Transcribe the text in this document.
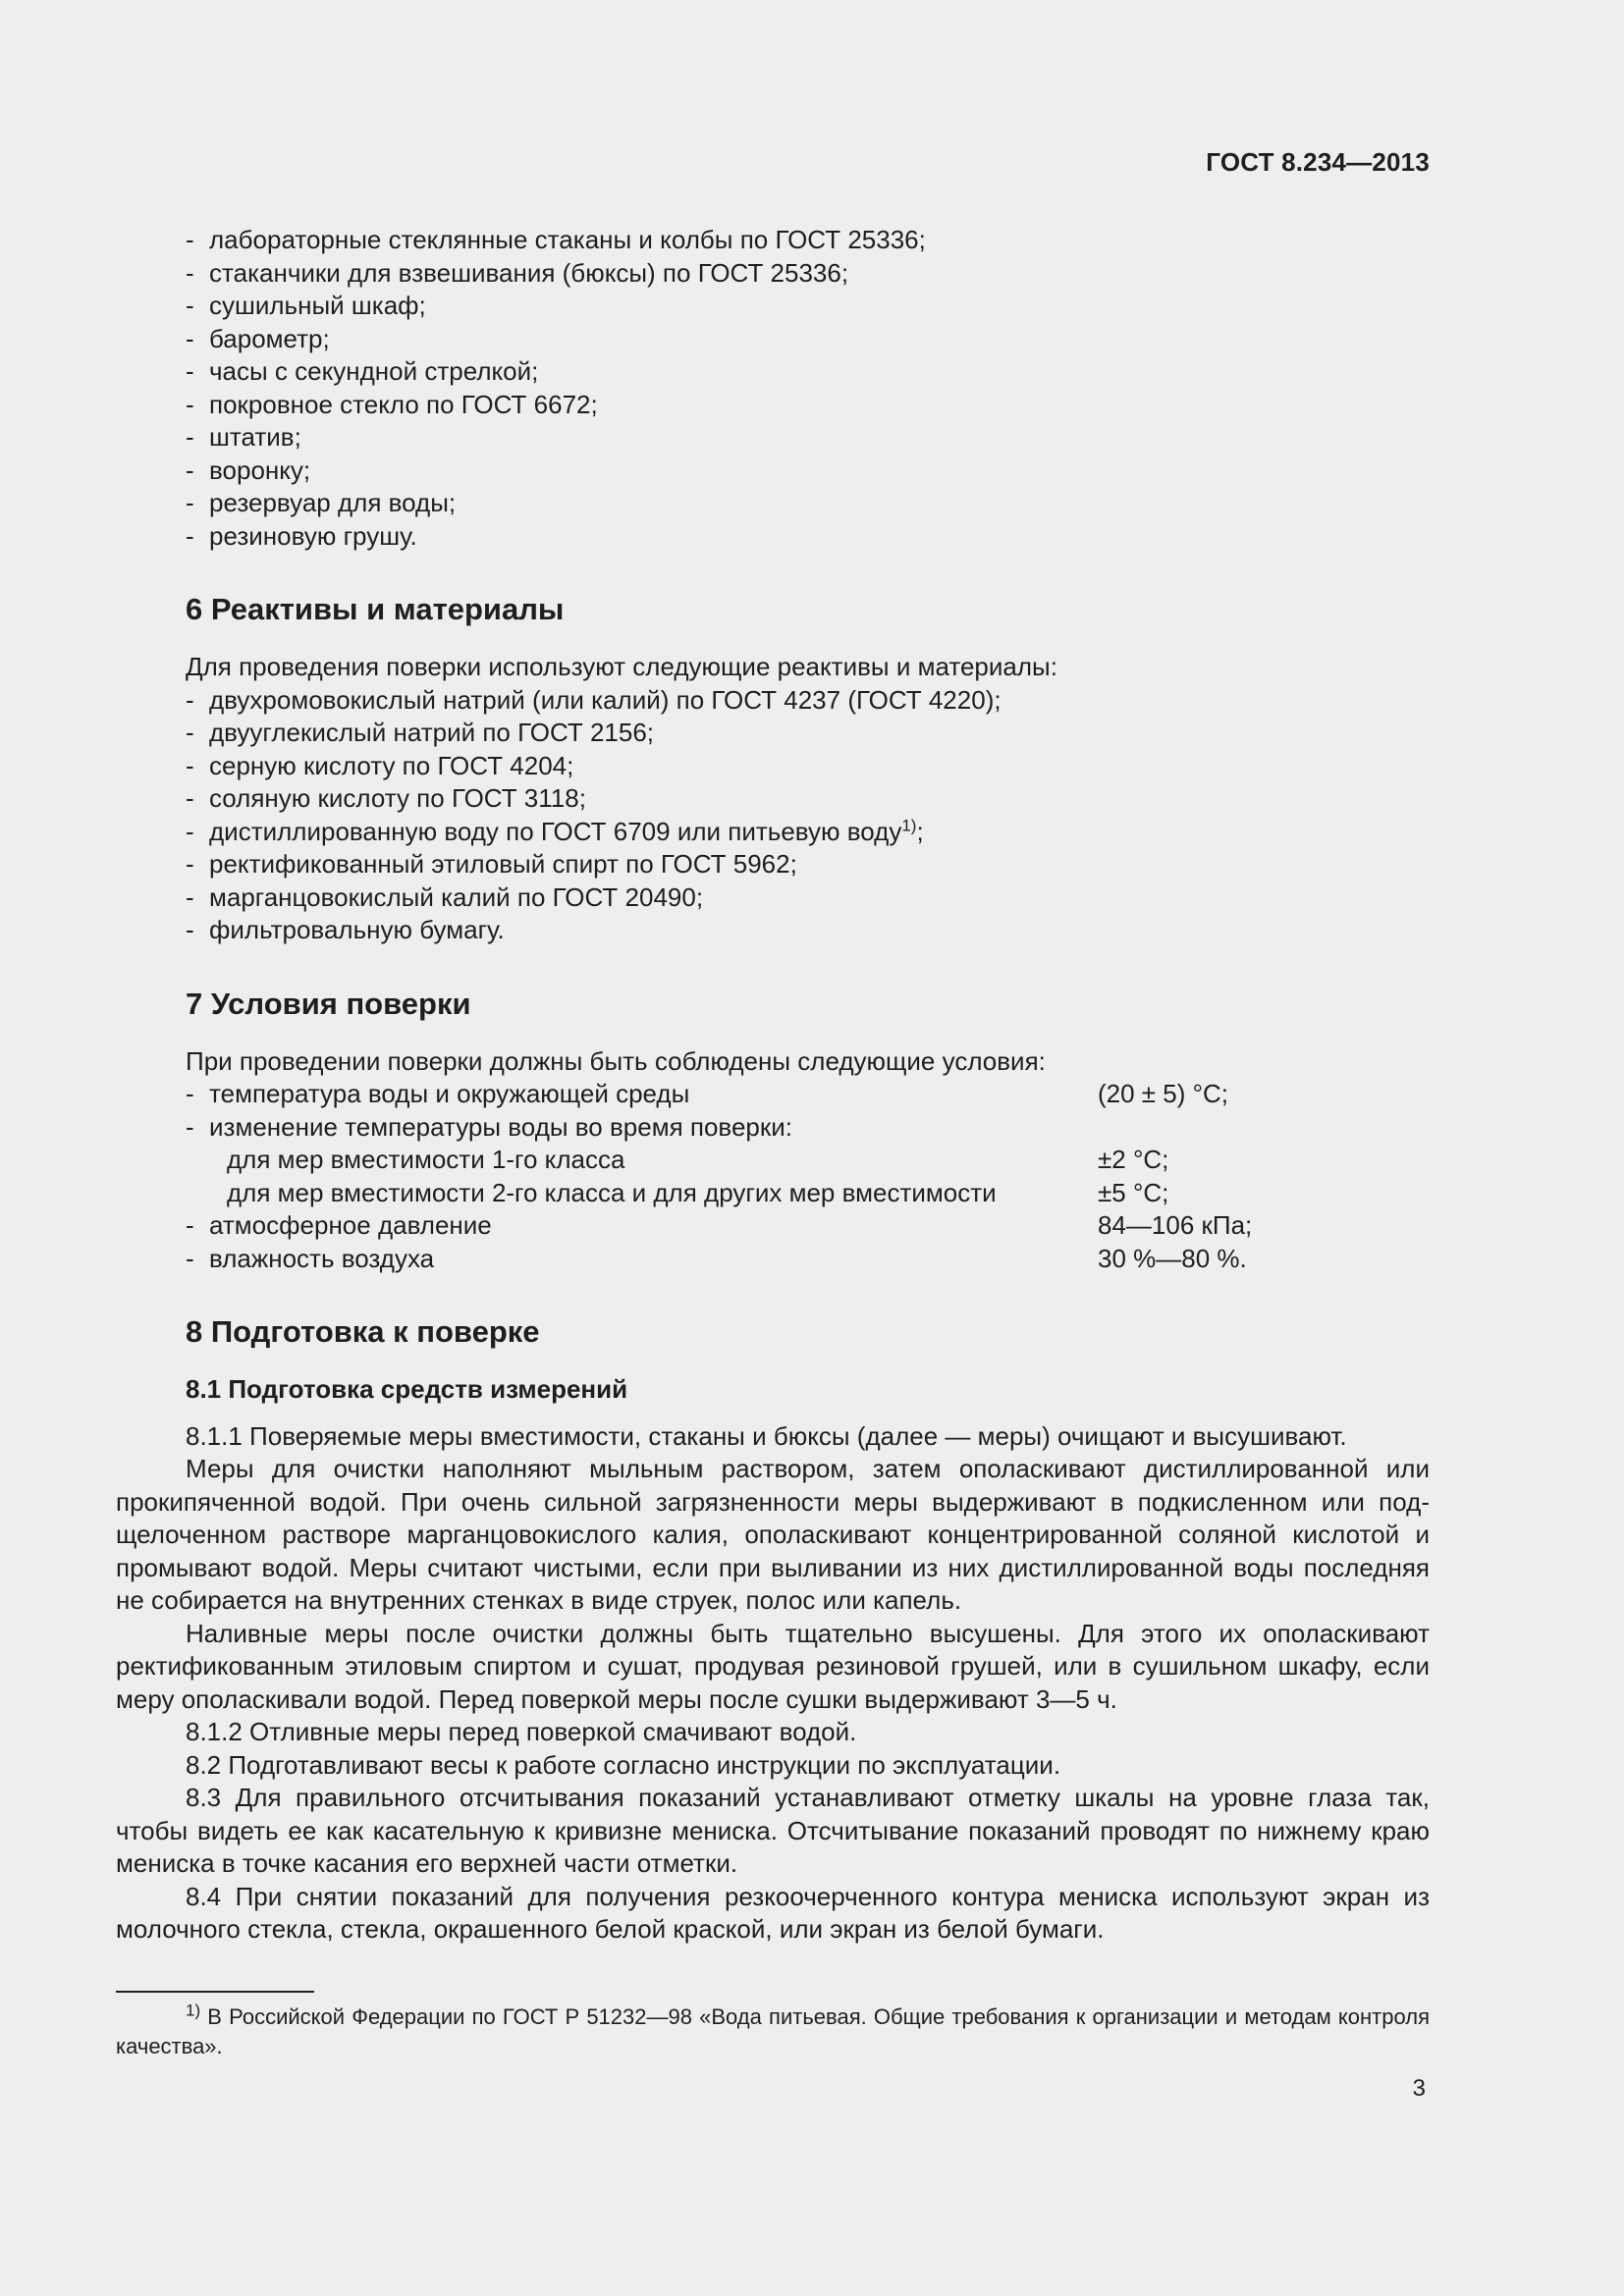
ГОСТ 8.234—2013
- лабораторные стеклянные стаканы и колбы по ГОСТ 25336;
- стаканчики для взвешивания (бюксы) по ГОСТ 25336;
- сушильный шкаф;
- барометр;
- часы с секундной стрелкой;
- покровное стекло по ГОСТ 6672;
- штатив;
- воронку;
- резервуар для воды;
- резиновую грушу.
6 Реактивы и материалы

Для проведения поверки используют следующие реактивы и материалы:

- двухромовокислый натрий (или калий) по ГОСТ 4237 (ГОСТ 4220);
- двууглекислый натрий по ГОСТ 2156;
- серную кислоту по ГОСТ 4204;
- соляную кислоту по ГОСТ 3118;
- дистиллированную воду по ГОСТ 6709 или питьевую воду$^{1)}$;
- ректификованный этиловый спирт по ГОСТ 5962;
- марганцовокислый калий по ГОСТ 20490;
- фильтровальную бумагу.
7 Условия поверки

При проведении поверки должны быть соблюдены следующие условия:

- температура воды и окружающей среды	(20 ± 5) °С;
- изменение температуры воды во время поверки:
для мер вместимости 1-го класса	±2 °С;
для мер вместимости 2-го класса и для других мер вместимости	±5 °С;
- атмосферное давление	84—106 кПа;
- влажность воздуха	30 %—80 %.
8 Подготовка к поверке
8.1 Подготовка средств измерений

8.1.1 Поверяемые меры вместимости, стаканы и бюксы (далее — меры) очищают и высушивают.

Меры для очистки наполняют мыльным раствором, затем ополаскивают дистиллированной или прокипяченной водой. При очень сильной загрязненности меры выдерживают в подкисленном или подщелоченном растворе марганцовокислого калия, ополаскивают концентрированной соляной кислотой и промывают водой. Меры считают чистыми, если при выливании из них дистиллированной воды последняя не собирается на внутренних стенках в виде струек, полос или капель.

Наливные меры после очистки должны быть тщательно высушены. Для этого их ополаскивают ректификованным этиловым спиртом и сушат, продувая резиновой грушей, или в сушильном шкафу, если меру ополаскивали водой. Перед поверкой меры после сушки выдерживают 3—5 ч.

8.1.2 Отливные меры перед поверкой смачивают водой.

8.2 Подготавливают весы к работе согласно инструкции по эксплуатации.

8.3 Для правильного отсчитывания показаний устанавливают отметку шкалы на уровне глаза так, чтобы видеть ее как касательную к кривизне мениска. Отсчитывание показаний проводят по нижнему краю мениска в точке касания его верхней части отметки.

8.4 При снятии показаний для получения резкоочерченного контура мениска используют экран из молочного стекла, стекла, окрашенного белой краской, или экран из белой бумаги.

$^{1)}$ В Российской Федерации по ГОСТ Р 51232—98 «Вода питьевая. Общие требования к организации и методам контроля качества».

3
